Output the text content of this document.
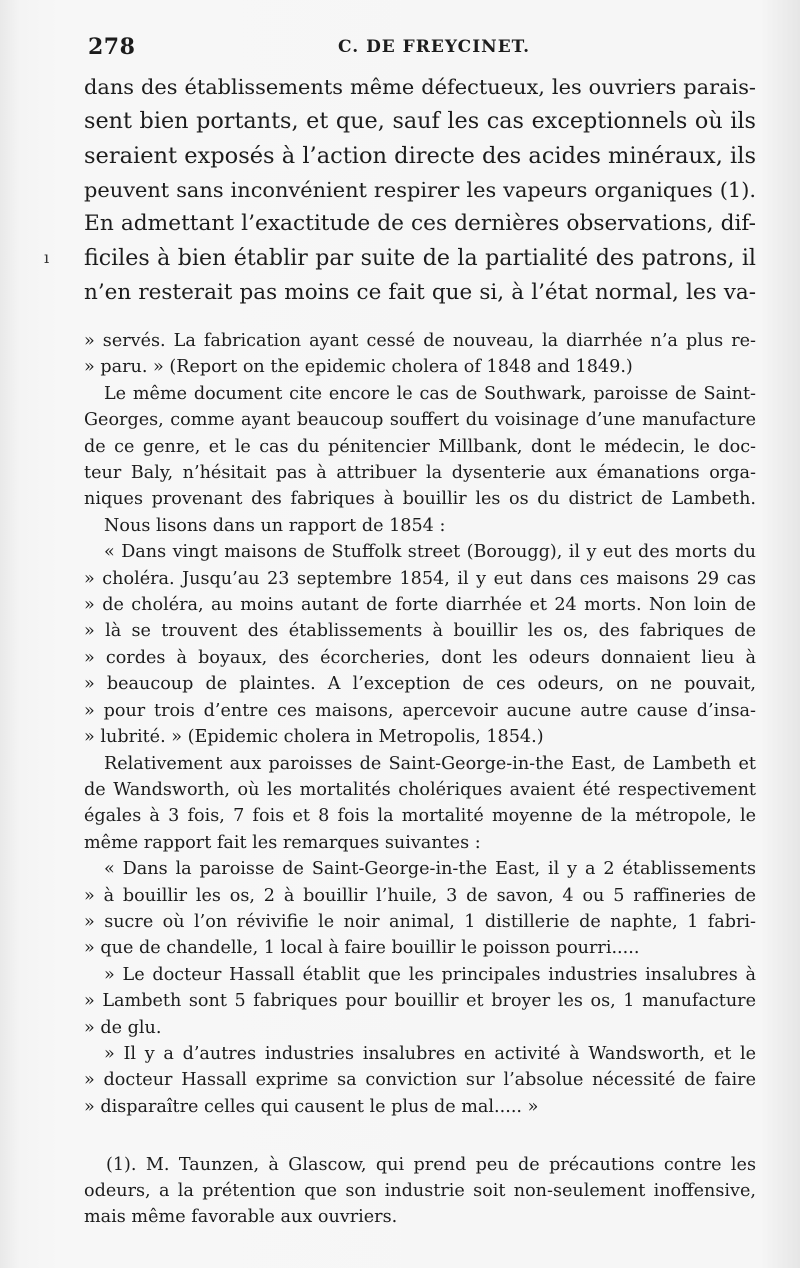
278	C. DE FREYCINET.
ı
dans des établissements même défectueux, les ouvriers parais-
sent bien portants, et que, sauf les cas exceptionnels où ils
seraient exposés à l’action directe des acides minéraux, ils
peuvent sans inconvénient respirer les vapeurs organiques (1).
En admettant l’exactitude de ces dernières observations, dif-
ficiles à bien établir par suite de la partialité des patrons, il
n’en resterait pas moins ce fait que si, à l’état normal, les va-
» servés. La fabrication ayant cessé de nouveau, la diarrhée n’a plus re-
» paru. » (Report on the epidemic cholera of 1848 and 1849.)
Le même document cite encore le cas de Southwark, paroisse de Saint-
Georges, comme ayant beaucoup souffert du voisinage d’une manufacture
de ce genre, et le cas du pénitencier Millbank, dont le médecin, le doc-
teur Baly, n’hésitait pas à attribuer la dysenterie aux émanations orga-
niques provenant des fabriques à bouillir les os du district de Lambeth.
Nous lisons dans un rapport de 1854 :
« Dans vingt maisons de Stuffolk street (Borougg), il y eut des morts du
» choléra. Jusqu’au 23 septembre 1854, il y eut dans ces maisons 29 cas
» de choléra, au moins autant de forte diarrhée et 24 morts. Non loin de
» là se trouvent des établissements à bouillir les os, des fabriques de
» cordes à boyaux, des écorcheries, dont les odeurs donnaient lieu à
» beaucoup de plaintes. A l’exception de ces odeurs, on ne pouvait,
» pour trois d’entre ces maisons, apercevoir aucune autre cause d’insa-
» lubrité. » (Epidemic cholera in Metropolis, 1854.)
Relativement aux paroisses de Saint-George-in-the East, de Lambeth et
de Wandsworth, où les mortalités cholériques avaient été respectivement
égales à 3 fois, 7 fois et 8 fois la mortalité moyenne de la métropole, le
même rapport fait les remarques suivantes :
« Dans la paroisse de Saint-George-in-the East, il y a 2 établissements
» à bouillir les os, 2 à bouillir l’huile, 3 de savon, 4 ou 5 raffineries de
» sucre où l’on révivifie le noir animal, 1 distillerie de naphte, 1 fabri-
» que de chandelle, 1 local à faire bouillir le poisson pourri.....
» Le docteur Hassall établit que les principales industries insalubres à
» Lambeth sont 5 fabriques pour bouillir et broyer les os, 1 manufacture
» de glu.
» Il y a d’autres industries insalubres en activité à Wandsworth, et le
» docteur Hassall exprime sa conviction sur l’absolue nécessité de faire
» disparaître celles qui causent le plus de mal..... »
(1). M. Taunzen, à Glascow, qui prend peu de précautions contre les
odeurs, a la prétention que son industrie soit non-seulement inoffensive,
mais même favorable aux ouvriers.
